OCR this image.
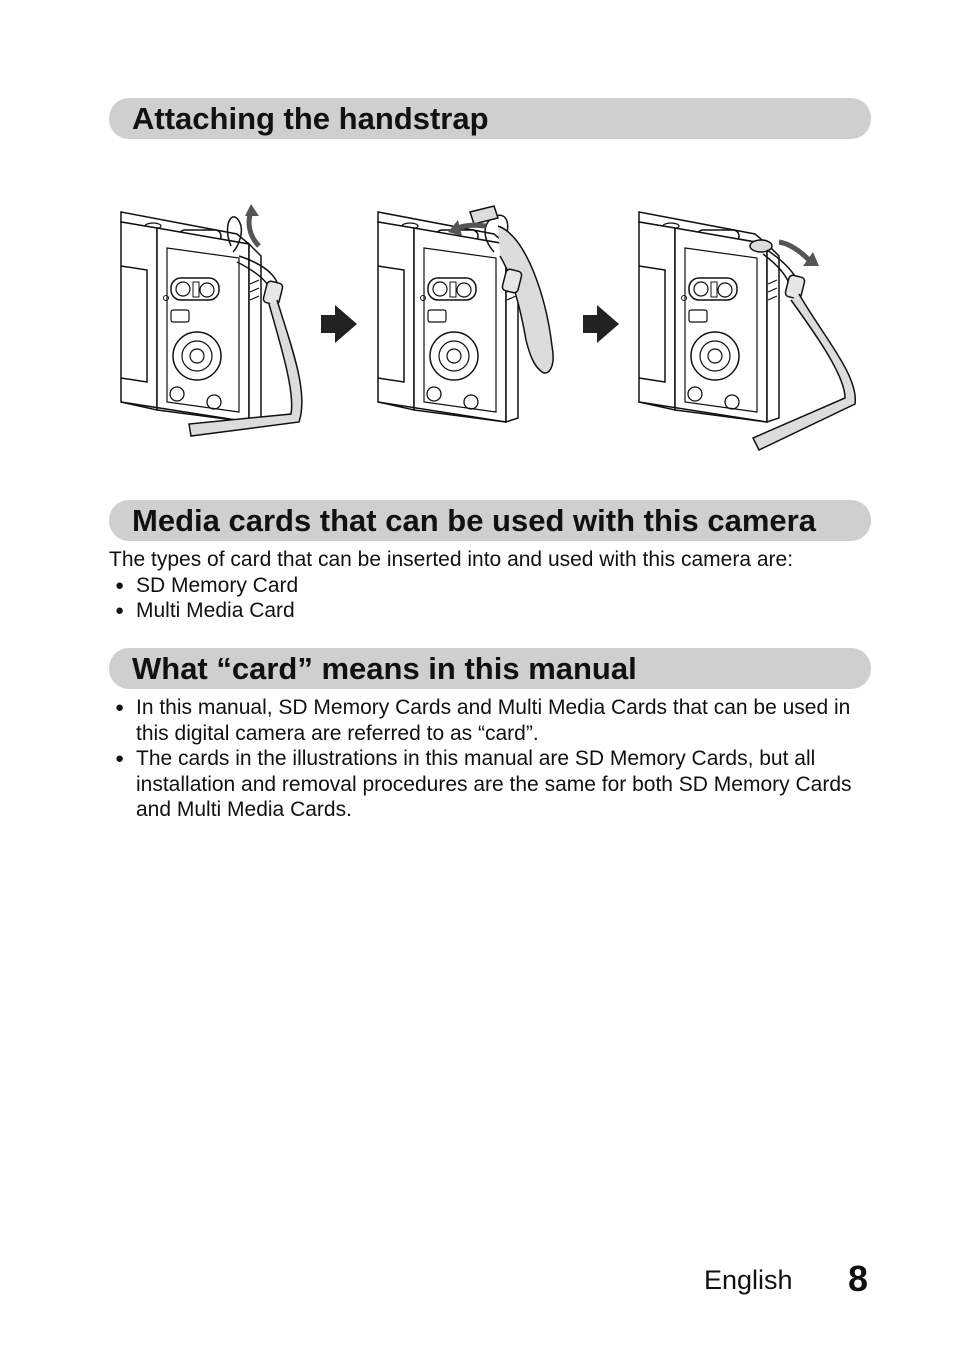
Attaching the handstrap
Media cards that can be used with this camera
The types of card that can be inserted into and used with this camera are:
● SD Memory Card
● Multi Media Card
What “card” means in this manual
● In this manual, SD Memory Cards and Multi Media Cards that can be used in this digital camera are referred to as “card”.
● The cards in the illustrations in this manual are SD Memory Cards, but all installation and removal procedures are the same for both SD Memory Cards and Multi Media Cards.
English 8
